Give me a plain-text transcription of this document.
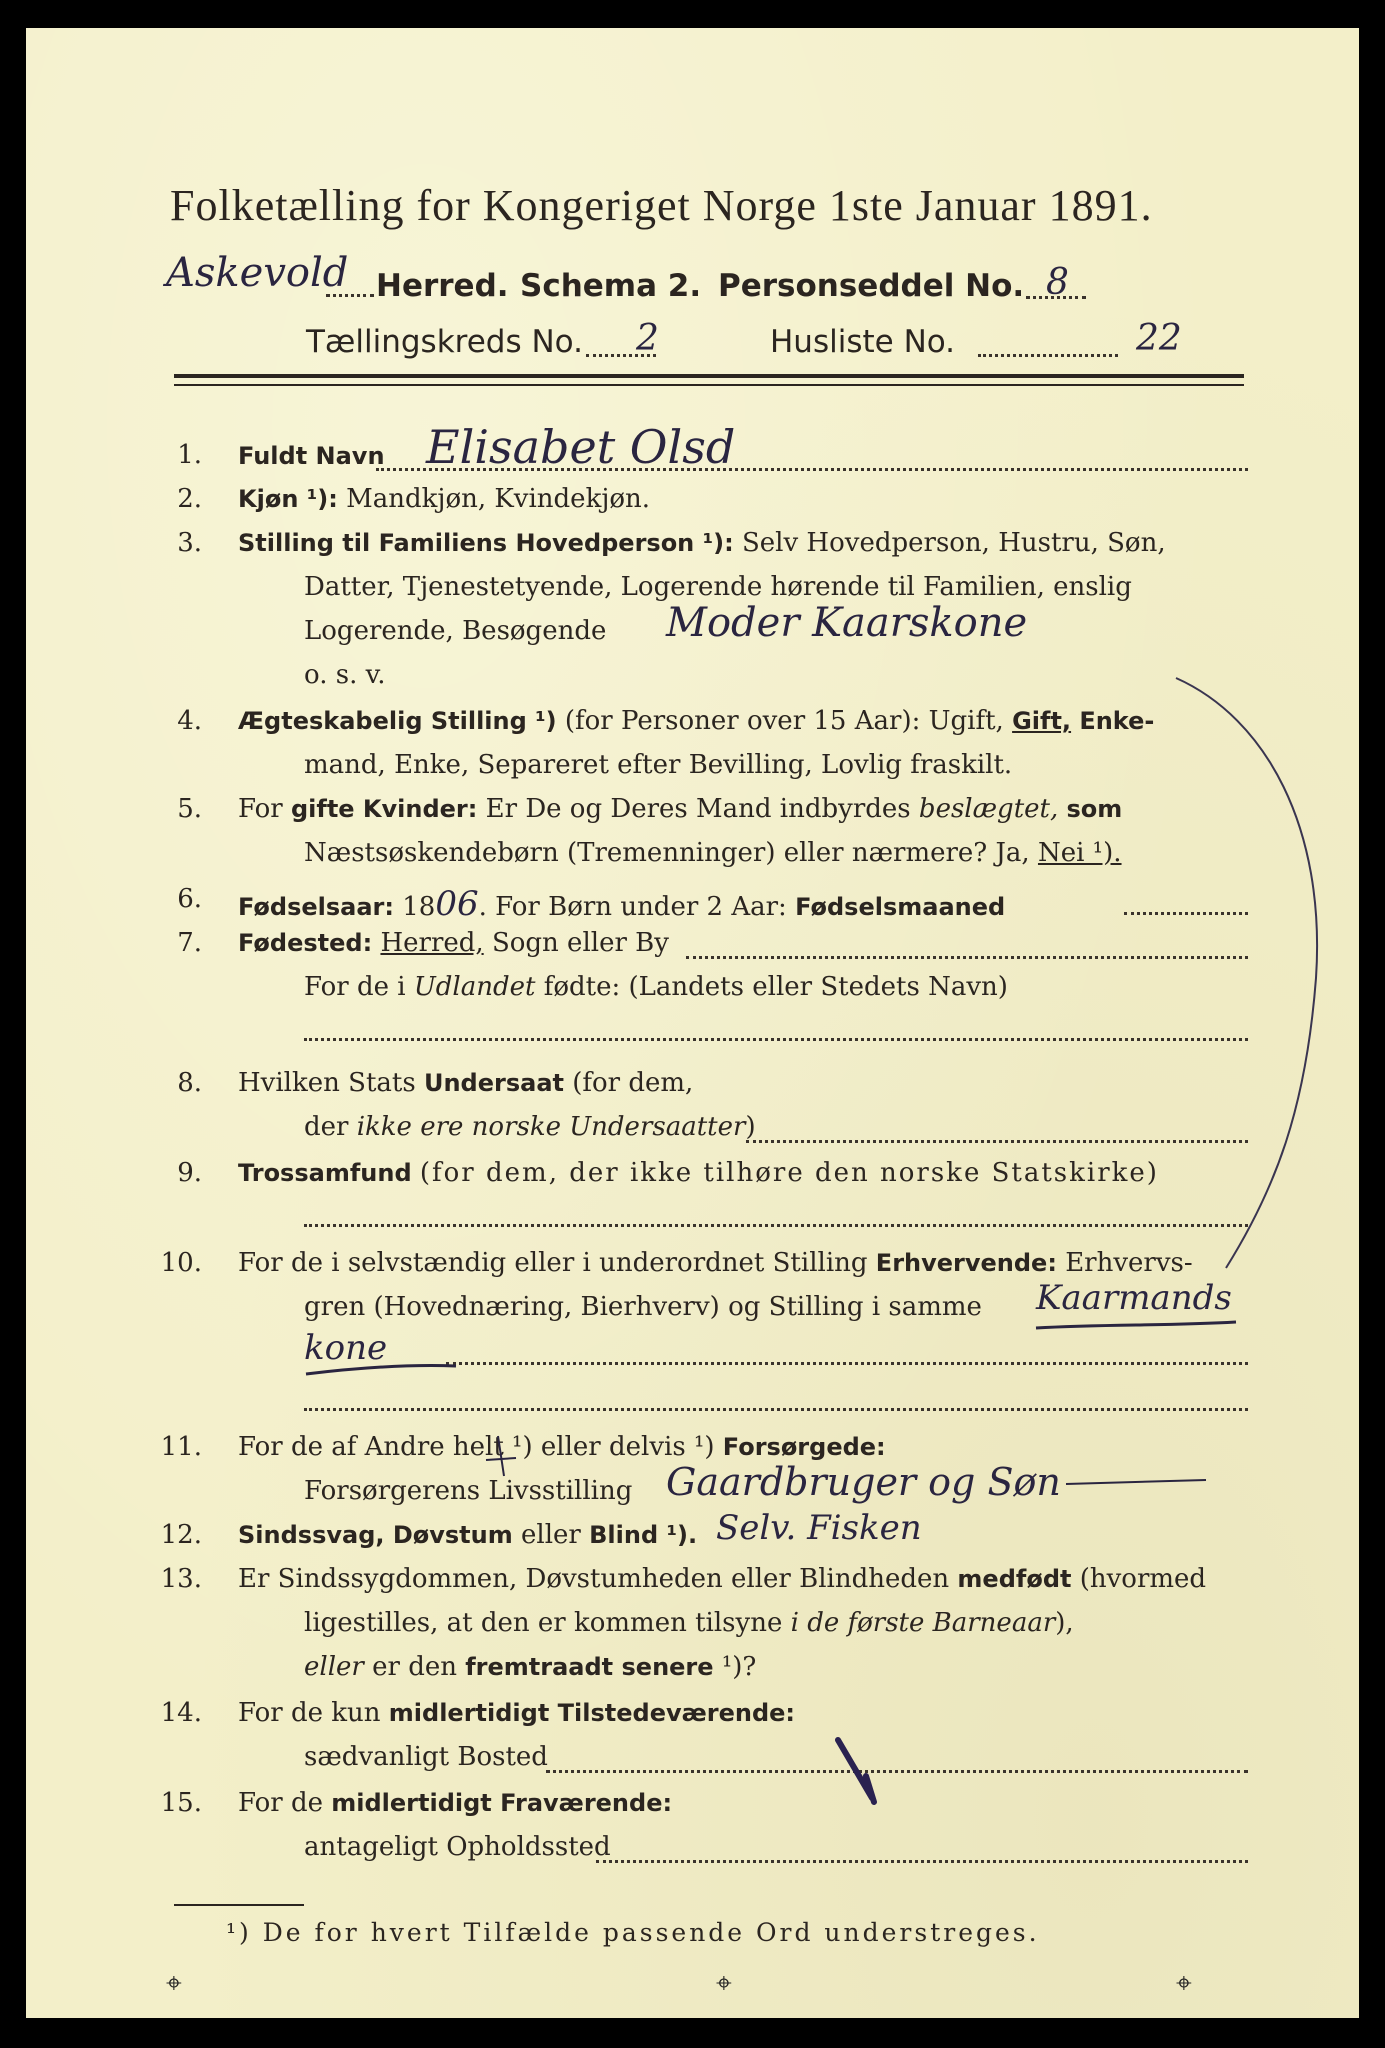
Folketælling for Kongeriget Norge 1ste Januar 1891.
Askevold Herred. Schema 2. Personseddel No. 8
Tællingskreds No. 2	Husliste No.	22
1. Fuldt Navn Elisabet Olsd
2. Kjøn ¹): Mandkjøn, Kvindekjøn.
3. Stilling til Familiens Hovedperson ¹): Selv Hovedperson, Hustru, Søn,
Datter, Tjenestetyende, Logerende hørende til Familien, enslig
Logerende, Besøgende Moder Kaarskone
o. s. v.
4. Ægteskabelig Stilling ¹) (for Personer over 15 Aar): Ugift, Gift, Enke-
mand, Enke, Separeret efter Bevilling, Lovlig fraskilt.
5. For gifte Kvinder: Er De og Deres Mand indbyrdes beslægtet, som
Næstsøskendebørn (Tremenninger) eller nærmere? Ja, Nei ¹).
6. Fødselsaar: 1806. For Børn under 2 Aar: Fødselsmaaned
7. Fødested: Herred, Sogn eller By
For de i Udlandet fødte: (Landets eller Stedets Navn)
8. Hvilken Stats Undersaat (for dem,
der ikke ere norske Undersaatter)
9. Trossamfund (for dem, der ikke tilhøre den norske Statskirke)
10. For de i selvstændig eller i underordnet Stilling Erhvervende: Erhvervs-
gren (Hovednæring, Bierhverv) og Stilling i samme Kaarmands
kone
11. For de af Andre helt ¹) eller delvis ¹) Forsørgede:
Forsørgerens Livsstilling Gaardbruger og Søn
12. Sindssvag, Døvstum eller Blind ¹). Selv. Fisken
13. Er Sindssygdommen, Døvstumheden eller Blindheden medfødt (hvormed
ligestilles, at den er kommen tilsyne i de første Barneaar),
eller er den fremtraadt senere ¹)?
14. For de kun midlertidigt Tilstedeværende:
sædvanligt Bosted
15. For de midlertidigt Fraværende:
antageligt Opholdssted
¹) De for hvert Tilfælde passende Ord understreges.
⌖	⌖	⌖
